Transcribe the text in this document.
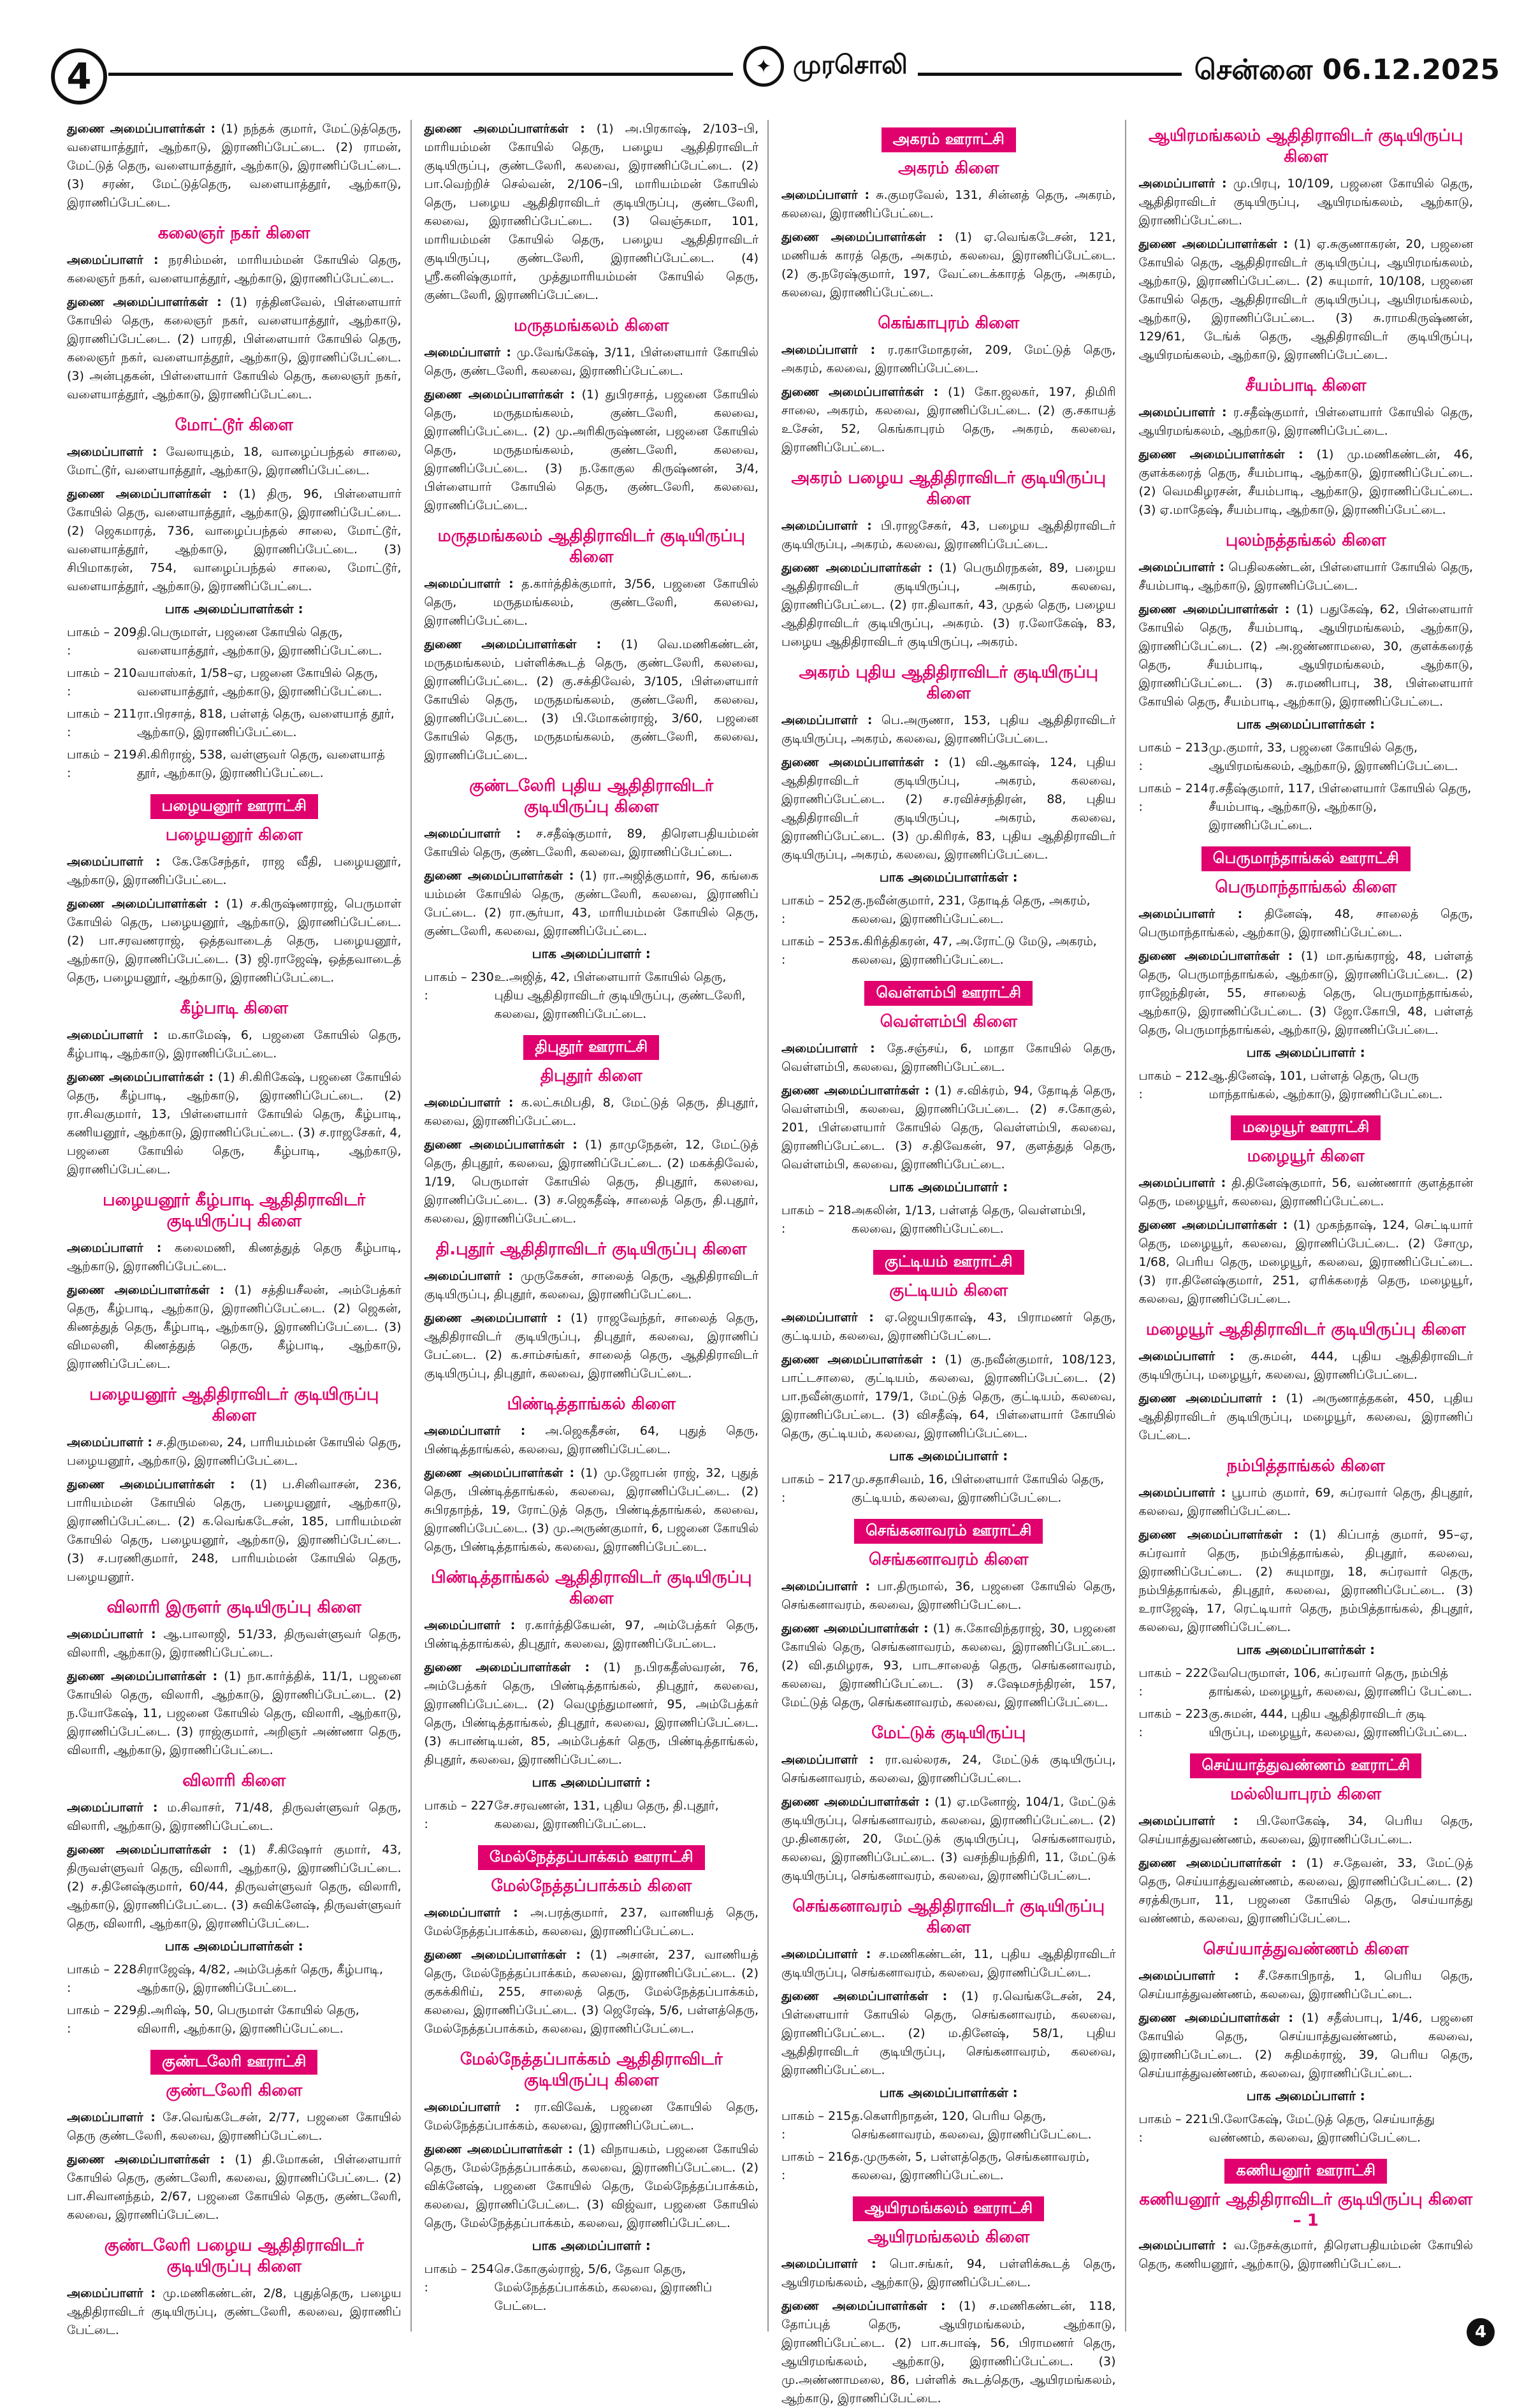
4	✦ முரசொலி	சென்னை 06.12.2025
துணை அமைப்பாளர்கள் : (1) நந்தக் குமார், மேட்டுத்தெரு, வளையாத்தூர், ஆற்காடு, இராணிப்பேட்டை. (2) ராமன், மேட்டுத் தெரு, வளையாத்தூர், ஆற்காடு, இராணிப்பேட்டை. (3) சரண், மேட்டுத்தெரு, வளையாத்தூர், ஆற்காடு, இராணிப்பேட்டை.
கலைஞர் நகர் கிளை
அமைப்பாளர் : நரசிம்மன், மாரியம்மன் கோயில் தெரு, கலைஞர் நகர், வளையாத்தூர், ஆற்காடு, இராணிப்பேட்டை.
துணை அமைப்பாளர்கள் : (1) ரத்தினவேல், பிள்ளையார் கோயில் தெரு, கலைஞர் நகர், வளையாத்தூர், ஆற்காடு, இராணிப்பேட்டை. (2) பாரதி, பிள்ளையார் கோயில் தெரு, கலைஞர் நகர், வளையாத்தூர், ஆற்காடு, இராணிப்பேட்டை. (3) அன்புதகன், பிள்ளையார் கோயில் தெரு, கலைஞர் நகர், வளையாத்தூர், ஆற்காடு, இராணிப்பேட்டை.
மோட்டூர் கிளை
அமைப்பாளர் : வேலாயுதம், 18, வாழைப்பந்தல் சாலை, மோட்டூர், வளையாத்தூர், ஆற்காடு, இராணிப்பேட்டை.
துணை அமைப்பாளர்கள் : (1) திரு, 96, பிள்ளையார் கோயில் தெரு, வளையாத்தூர், ஆற்காடு, இராணிப்பேட்டை. (2) ஜெகமாரத், 736, வாழைப்பந்தல் சாலை, மோட்டூர், வளையாத்தூர், ஆற்காடு, இராணிப்பேட்டை. (3) சிபிமாகரன், 754, வாழைப்பந்தல் சாலை, மோட்டூர், வளையாத்தூர், ஆற்காடு, இராணிப்பேட்டை.
பாக அமைப்பாளர்கள் :
பாகம் – 209 :
தி.பெருமாள், பஜனை கோயில் தெரு, வளையாத்தூர், ஆற்காடு, இராணிப்பேட்டை.
பாகம் – 210 :
வயாஸ்கர், 1/58–ஏ, பஜனை கோயில் தெரு, வளையாத்தூர், ஆற்காடு, இராணிப்பேட்டை.
பாகம் – 211 :
ரா.பிரசாத், 818, பள்ளத் தெரு, வளையாத் தூர், ஆற்காடு, இராணிப்பேட்டை.
பாகம் – 219 :
சி.கிரிராஜ், 538, வள்ளுவர் தெரு, வளையாத் தூர், ஆற்காடு, இராணிப்பேட்டை.
பழையனூர் ஊராட்சி
பழையனூர் கிளை
அமைப்பாளர் : கே.கேசேந்தர், ராஜ வீதி, பழையனூர், ஆற்காடு, இராணிப்பேட்டை.
துணை அமைப்பாளர்கள் : (1) ச.கிருஷ்ணராஜ், பெருமாள் கோயில் தெரு, பழையனூர், ஆற்காடு, இராணிப்பேட்டை. (2) பா.சரவணராஜ், ஒத்தவாடைத் தெரு, பழையனூர், ஆற்காடு, இராணிப்பேட்டை. (3) ஜி.ராஜேஷ், ஒத்தவாடைத் தெரு, பழையனூர், ஆற்காடு, இராணிப்பேட்டை.
கீழ்பாடி கிளை
அமைப்பாளர் : ம.காமேஷ், 6, பஜனை கோயில் தெரு, கீழ்பாடி, ஆற்காடு, இராணிப்பேட்டை.
துணை அமைப்பாளர்கள் : (1) சி.கிரிகேஷ், பஜனை கோயில் தெரு, கீழ்பாடி, ஆற்காடு, இராணிப்பேட்டை. (2) ரா.சிவகுமார், 13, பிள்ளையார் கோயில் தெரு, கீழ்பாடி, கணியனூர், ஆற்காடு, இராணிப்பேட்டை. (3) ச.ராஜசேகர், 4, பஜனை கோயில் தெரு, கீழ்பாடி, ஆற்காடு, இராணிப்பேட்டை.
பழையனூர் கீழ்பாடி ஆதிதிராவிடர் குடியிருப்பு கிளை
அமைப்பாளர் : கலைமணி, கிணத்துத் தெரு கீழ்பாடி, ஆற்காடு, இராணிப்பேட்டை.
துணை அமைப்பாளர்கள் : (1) சத்தியசீலன், அம்பேத்கர் தெரு, கீழ்பாடி, ஆற்காடு, இராணிப்பேட்டை. (2) ஜெகன், கிணத்துத் தெரு, கீழ்பாடி, ஆற்காடு, இராணிப்பேட்டை. (3) விமலனி, கிணத்துத் தெரு, கீழ்பாடி, ஆற்காடு, இராணிப்பேட்டை.
பழையனூர் ஆதிதிராவிடர் குடியிருப்பு கிளை
அமைப்பாளர் : ச.திருமலை, 24, பாரியம்மன் கோயில் தெரு, பழையனூர், ஆற்காடு, இராணிப்பேட்டை.
துணை அமைப்பாளர்கள் : (1) ப.சினிவாசன், 236, பாரியம்மன் கோயில் தெரு, பழையனூர், ஆற்காடு, இராணிப்பேட்டை. (2) க.வெங்கடேசன், 185, பாரியம்மன் கோயில் தெரு, பழையனூர், ஆற்காடு, இராணிப்பேட்டை. (3) ச.பரணிகுமார், 248, பாரியம்மன் கோயில் தெரு, பழையனூர்.
விலாரி இருளர் குடியிருப்பு கிளை
அமைப்பாளர் : ஆ.பாலாஜி, 51/33, திருவள்ளுவர் தெரு, விலாரி, ஆற்காடு, இராணிப்பேட்டை.
துணை அமைப்பாளர்கள் : (1) நா.கார்த்திக், 11/1, பஜனை கோயில் தெரு, விலாரி, ஆற்காடு, இராணிப்பேட்டை. (2) ந.யோகேஷ், 11, பஜனை கோயில் தெரு, விலாரி, ஆற்காடு, இராணிப்பேட்டை. (3) ராஜ்குமார், அறிஞர் அண்ணா தெரு, விலாரி, ஆற்காடு, இராணிப்பேட்டை.
விலாரி கிளை
அமைப்பாளர் : ம.சிவாசர், 71/48, திருவள்ளுவர் தெரு, விலாரி, ஆற்காடு, இராணிப்பேட்டை.
துணை அமைப்பாளர்கள் : (1) சீ.கிஷோர் குமார், 43, திருவள்ளுவர் தெரு, விலாரி, ஆற்காடு, இராணிப்பேட்டை. (2) ச.தினேஷ்குமார், 60/44, திருவள்ளுவர் தெரு, விலாரி, ஆற்காடு, இராணிப்பேட்டை. (3) சுவிக்னேஷ், திருவள்ளுவர் தெரு, விலாரி, ஆற்காடு, இராணிப்பேட்டை.
பாக அமைப்பாளர்கள் :
பாகம் – 228 :
சிராஜேஷ், 4/82, அம்பேத்கர் தெரு, கீழ்பாடி, ஆற்காடு, இராணிப்பேட்டை.
பாகம் – 229 :
தி.அரிஷ், 50, பெருமாள் கோயில் தெரு, விலாரி, ஆற்காடு, இராணிப்பேட்டை.
குண்டலேரி ஊராட்சி
குண்டலேரி கிளை
அமைப்பாளர் : சே.வெங்கடேசன், 2/77, பஜனை கோயில் தெரு குண்டலேரி, கலவை, இராணிப்பேட்டை.
துணை அமைப்பாளர்கள் : (1) தி.மோகன், பிள்ளையார் கோயில் தெரு, குண்டலேரி, கலவை, இராணிப்பேட்டை. (2) பா.சிவானந்தம், 2/67, பஜனை கோயில் தெரு, குண்டலேரி, கலவை, இராணிப்பேட்டை.
குண்டலேரி பழைய ஆதிதிராவிடர் குடியிருப்பு கிளை
அமைப்பாளர் : மு.மணிகண்டன், 2/8, புதுத்தெரு, பழைய ஆதிதிராவிடர் குடியிருப்பு, குண்டலேரி, கலவை, இராணிப் பேட்டை.
துணை அமைப்பாளர்கள் : (1) அ.பிரகாஷ், 2/103–பி, மாரியம்மன் கோயில் தெரு, பழைய ஆதிதிராவிடர் குடியிருப்பு, குண்டலேரி, கலவை, இராணிப்பேட்டை. (2) பா.வெற்றிச் செல்வன், 2/106–பி, மாரியம்மன் கோயில் தெரு, பழைய ஆதிதிராவிடர் குடியிருப்பு, குண்டலேரி, கலவை, இராணிப்பேட்டை. (3) வெஞ்சுமா, 101, மாரியம்மன் கோயில் தெரு, பழைய ஆதிதிராவிடர் குடியிருப்பு, குண்டலேரி, இராணிப்பேட்டை. (4) ஸ்ரீ.கனிஷ்குமார், முத்துமாரியம்மன் கோயில் தெரு, குண்டலேரி, இராணிப்பேட்டை.
மருதமங்கலம் கிளை
அமைப்பாளர் : மு.வேங்கேஷ், 3/11, பிள்ளையார் கோயில் தெரு, குண்டலேரி, கலவை, இராணிப்பேட்டை.
துணை அமைப்பாளர்கள் : (1) துபிரசாத், பஜனை கோயில் தெரு, மருதமங்கலம், குண்டலேரி, கலவை, இராணிப்பேட்டை. (2) மு.அரிகிருஷ்ணன், பஜனை கோயில் தெரு, மருதமங்கலம், குண்டலேரி, கலவை, இராணிப்பேட்டை. (3) ந.கோகுல கிருஷ்ணன், 3/4, பிள்ளையார் கோயில் தெரு, குண்டலேரி, கலவை, இராணிப்பேட்டை.
மருதமங்கலம் ஆதிதிராவிடர் குடியிருப்பு கிளை
அமைப்பாளர் : த.கார்த்திக்குமார், 3/56, பஜனை கோயில் தெரு, மருதமங்கலம், குண்டலேரி, கலவை, இராணிப்பேட்டை.
துணை அமைப்பாளர்கள் : (1) வெ.மணிகண்டன், மருதமங்கலம், பள்ளிக்கூடத் தெரு, குண்டலேரி, கலவை, இராணிப்பேட்டை. (2) கு.சக்திவேல், 3/105, பிள்ளையார் கோயில் தெரு, மருதமங்கலம், குண்டலேரி, கலவை, இராணிப்பேட்டை. (3) பி.மோகன்ராஜ், 3/60, பஜனை கோயில் தெரு, மருதமங்கலம், குண்டலேரி, கலவை, இராணிப்பேட்டை.
குண்டலேரி புதிய ஆதிதிராவிடர் குடியிருப்பு கிளை
அமைப்பாளர் : ச.சதீஷ்குமார், 89, திரௌபதியம்மன் கோயில் தெரு, குண்டலேரி, கலவை, இராணிப்பேட்டை.
துணை அமைப்பாளர்கள் : (1) ரா.அஜித்குமார், 96, கங்கை யம்மன் கோயில் தெரு, குண்டலேரி, கலவை, இராணிப் பேட்டை. (2) ரா.சூர்யா, 43, மாரியம்மன் கோயில் தெரு, குண்டலேரி, கலவை, இராணிப்பேட்டை.
பாக அமைப்பாளர் :
பாகம் – 230 :
உ.அஜித், 42, பிள்ளையார் கோயில் தெரு, புதிய ஆதிதிராவிடர் குடியிருப்பு, குண்டலேரி, கலவை, இராணிப்பேட்டை.
திபுதூர் ஊராட்சி
திபுதூர் கிளை
அமைப்பாளர் : க.லட்சுமிபதி, 8, மேட்டுத் தெரு, திபுதூர், கலவை, இராணிப்பேட்டை.
துணை அமைப்பாளர்கள் : (1) தாமுநேதன், 12, மேட்டுத் தெரு, திபுதூர், கலவை, இராணிப்பேட்டை. (2) மகக்திவேல், 1/19, பெருமாள் கோயில் தெரு, திபுதூர், கலவை, இராணிப்பேட்டை. (3) ச.ஜெகதீஷ், சாலைத் தெரு, தி.புதூர், கலவை, இராணிப்பேட்டை.
தி.புதூர் ஆதிதிராவிடர் குடியிருப்பு கிளை
அமைப்பாளர் : முருகேசன், சாலைத் தெரு, ஆதிதிராவிடர் குடியிருப்பு, திபுதூர், கலவை, இராணிப்பேட்டை.
துணை அமைப்பாளர் : (1) ராஜவேந்தர், சாலைத் தெரு, ஆதிதிராவிடர் குடியிருப்பு, திபுதூர், கலவை, இராணிப் பேட்டை. (2) க.சாம்சங்கர், சாலைத் தெரு, ஆதிதிராவிடர் குடியிருப்பு, திபுதூர், கலவை, இராணிப்பேட்டை.
பிண்டித்தாங்கல் கிளை
அமைப்பாளர் : அ.ஜெகதீசன், 64, புதுத் தெரு, பிண்டித்தாங்கல், கலவை, இராணிப்பேட்டை.
துணை அமைப்பாளர்கள் : (1) மு.ஜோபன் ராஜ், 32, புதுத் தெரு, பிண்டித்தாங்கல், கலவை, இராணிப்பேட்டை. (2) சுபிரதாந்த், 19, ரோட்டுத் தெரு, பிண்டித்தாங்கல், கலவை, இராணிப்பேட்டை. (3) மு.அருண்குமார், 6, பஜனை கோயில் தெரு, பிண்டித்தாங்கல், கலவை, இராணிப்பேட்டை.
பிண்டித்தாங்கல் ஆதிதிராவிடர் குடியிருப்பு கிளை
அமைப்பாளர் : ர.கார்த்திகேயன், 97, அம்பேத்கர் தெரு, பிண்டித்தாங்கல், திபுதூர், கலவை, இராணிப்பேட்டை.
துணை அமைப்பாளர்கள் : (1) ந.பிரகதீஸ்வரன், 76, அம்பேத்கர் தெரு, பிண்டித்தாங்கல், திபுதூர், கலவை, இராணிப்பேட்டை. (2) வெழுந்துமாணர், 95, அம்பேத்கர் தெரு, பிண்டித்தாங்கல், திபுதூர், கலவை, இராணிப்பேட்டை. (3) சுபாண்டியன், 85, அம்பேத்கர் தெரு, பிண்டித்தாங்கல், திபுதூர், கலவை, இராணிப்பேட்டை.
பாக அமைப்பாளர் :
பாகம் – 227 :
சே.சரவணன், 131, புதிய தெரு, தி.புதூர், கலவை, இராணிப்பேட்டை.
மேல்நேத்தப்பாக்கம் ஊராட்சி
மேல்நேத்தப்பாக்கம் கிளை
அமைப்பாளர் : அ.பரத்குமார், 237, வாணியத் தெரு, மேல்நேத்தப்பாக்கம், கலவை, இராணிப்பேட்டை.
துணை அமைப்பாளர்கள் : (1) அசான், 237, வாணியத் தெரு, மேல்நேத்தப்பாக்கம், கலவை, இராணிப்பேட்டை. (2) குகக்கிரிய், 255, சாலைத் தெரு, மேல்நேத்தப்பாக்கம், கலவை, இராணிப்பேட்டை. (3) ஜெரேஷ், 5/6, பள்ளத்தெரு, மேல்நேத்தப்பாக்கம், கலவை, இராணிப்பேட்டை.
மேல்நேத்தப்பாக்கம் ஆதிதிராவிடர் குடியிருப்பு கிளை
அமைப்பாளர் : ரா.விவேக், பஜனை கோயில் தெரு, மேல்நேத்தப்பாக்கம், கலவை, இராணிப்பேட்டை.
துணை அமைப்பாளர்கள் : (1) விநாயகம், பஜனை கோயில் தெரு, மேல்நேத்தப்பாக்கம், கலவை, இராணிப்பேட்டை. (2) விக்னேஷ், பஜனை கோயில் தெரு, மேல்நேத்தப்பாக்கம், கலவை, இராணிப்பேட்டை. (3) விஜ்வா, பஜனை கோயில் தெரு, மேல்நேத்தப்பாக்கம், கலவை, இராணிப்பேட்டை.
பாக அமைப்பாளர் :
பாகம் – 254 :
செ.கோகுல்ராஜ், 5/6, தேவா தெரு, மேல்நேத்தப்பாக்கம், கலவை, இராணிப் பேட்டை.
அகரம் ஊராட்சி
அகரம் கிளை
அமைப்பாளர் : சு.குமரவேல், 131, சின்னத் தெரு, அகரம், கலவை, இராணிப்பேட்டை.
துணை அமைப்பாளர்கள் : (1) ஏ.வெங்கடேசன், 121, மணியக் காரத் தெரு, அகரம், கலவை, இராணிப்பேட்டை. (2) கு.நரேஷ்குமார், 197, வேட்டைக்காரத் தெரு, அகரம், கலவை, இராணிப்பேட்டை.
கெங்காபுரம் கிளை
அமைப்பாளர் : ர.ரகாமோதரன், 209, மேட்டுத் தெரு, அகரம், கலவை, இராணிப்பேட்டை.
துணை அமைப்பாளர்கள் : (1) கோ.ஜலகர், 197, திமிரி சாலை, அகரம், கலவை, இராணிப்பேட்டை. (2) கு.சகாயத் உசேன், 52, கெங்காபுரம் தெரு, அகரம், கலவை, இராணிப்பேட்டை.
அகரம் பழைய ஆதிதிராவிடர் குடியிருப்பு கிளை
அமைப்பாளர் : பி.ராஜசேகர், 43, பழைய ஆதிதிராவிடர் குடியிருப்பு, அகரம், கலவை, இராணிப்பேட்டை.
துணை அமைப்பாளர்கள் : (1) பெருமிரநகன், 89, பழைய ஆதிதிராவிடர் குடியிருப்பு, அகரம், கலவை, இராணிப்பேட்டை. (2) ரா.திவாகர், 43, முதல் தெரு, பழைய ஆதிதிராவிடர் குடியிருப்பு, அகரம். (3) ர.லோகேஷ், 83, பழைய ஆதிதிராவிடர் குடியிருப்பு, அகரம்.
அகரம் புதிய ஆதிதிராவிடர் குடியிருப்பு கிளை
அமைப்பாளர் : பெ.அருணா, 153, புதிய ஆதிதிராவிடர் குடியிருப்பு, அகரம், கலவை, இராணிப்பேட்டை.
துணை அமைப்பாளர்கள் : (1) வி.ஆகாஷ், 124, புதிய ஆதிதிராவிடர் குடியிருப்பு, அகரம், கலவை, இராணிப்பேட்டை. (2) ச.ரவிச்சந்திரன், 88, புதிய ஆதிதிராவிடர் குடியிருப்பு, அகரம், கலவை, இராணிப்பேட்டை. (3) மு.கிரிரக், 83, புதிய ஆதிதிராவிடர் குடியிருப்பு, அகரம், கலவை, இராணிப்பேட்டை.
பாக அமைப்பாளர்கள் :
பாகம் – 252 :
கு.நவீன்குமார், 231, தோடித் தெரு, அகரம், கலவை, இராணிப்பேட்டை.
பாகம் – 253 :
க.கிரித்திகரன், 47, அ.ரோட்டு மேடு, அகரம், கலவை, இராணிப்பேட்டை.
வெள்ளம்பி ஊராட்சி
வெள்ளம்பி கிளை
அமைப்பாளர் : தே.சஞ்சய், 6, மாதா கோயில் தெரு, வெள்ளம்பி, கலவை, இராணிப்பேட்டை.
துணை அமைப்பாளர்கள் : (1) ச.விக்ரம், 94, தோடித் தெரு, வெள்ளம்பி, கலவை, இராணிப்பேட்டை. (2) ச.கோகுல், 201, பிள்ளையார் கோயில் தெரு, வெள்ளம்பி, கலவை, இராணிப்பேட்டை. (3) ச.திவேகன், 97, குளத்துத் தெரு, வெள்ளம்பி, கலவை, இராணிப்பேட்டை.
பாக அமைப்பாளர் :
பாகம் – 218 :
அகலின், 1/13, பள்ளத் தெரு, வெள்ளம்பி, கலவை, இராணிப்பேட்டை.
குட்டியம் ஊராட்சி
குட்டியம் கிளை
அமைப்பாளர் : ஏ.ஜெயபிரகாஷ், 43, பிராமணர் தெரு, குட்டியம், கலவை, இராணிப்பேட்டை.
துணை அமைப்பாளர்கள் : (1) கு.நவீன்குமார், 108/123, பாட்டசாலை, குட்டியம், கலவை, இராணிப்பேட்டை. (2) பா.நவீன்குமார், 179/1, மேட்டுத் தெரு, குட்டியம், கலவை, இராணிப்பேட்டை. (3) விசதீஷ், 64, பிள்ளையார் கோயில் தெரு, குட்டியம், கலவை, இராணிப்பேட்டை.
பாக அமைப்பாளர் :
பாகம் – 217 :
மு.சதாசிவம், 16, பிள்ளையார் கோயில் தெரு, குட்டியம், கலவை, இராணிப்பேட்டை.
செங்கனாவரம் ஊராட்சி
செங்கனாவரம் கிளை
அமைப்பாளர் : பா.திருமால், 36, பஜனை கோயில் தெரு, செங்கனாவரம், கலவை, இராணிப்பேட்டை.
துணை அமைப்பாளர்கள் : (1) சு.கோவிந்தராஜ், 30, பஜனை கோயில் தெரு, செங்கனாவரம், கலவை, இராணிப்பேட்டை. (2) வி.தமிழரசு, 93, பாடசாலைத் தெரு, செங்கனாவரம், கலவை, இராணிப்பேட்டை. (3) ச.ஷேமசந்திரன், 157, மேட்டுத் தெரு, செங்கனாவரம், கலவை, இராணிப்பேட்டை.
மேட்டுக் குடியிருப்பு
அமைப்பாளர் : ரா.வல்லரசு, 24, மேட்டுக் குடியிருப்பு, செங்கனாவரம், கலவை, இராணிப்பேட்டை.
துணை அமைப்பாளர்கள் : (1) ஏ.மனோஜ், 104/1, மேட்டுக் குடியிருப்பு, செங்கனாவரம், கலவை, இராணிப்பேட்டை. (2) மு.தினகரன், 20, மேட்டுக் குடியிருப்பு, செங்கனாவரம், கலவை, இராணிப்பேட்டை. (3) வசந்தியந்திரி, 11, மேட்டுக் குடியிருப்பு, செங்கனாவரம், கலவை, இராணிப்பேட்டை.
செங்கனாவரம் ஆதிதிராவிடர் குடியிருப்பு கிளை
அமைப்பாளர் : ச.மணிகண்டன், 11, புதிய ஆதிதிராவிடர் குடியிருப்பு, செங்கனாவரம், கலவை, இராணிப்பேட்டை.
துணை அமைப்பாளர்கள் : (1) ர.வெங்கடேசன், 24, பிள்ளையார் கோயில் தெரு, செங்கனாவரம், கலவை, இராணிப்பேட்டை. (2) ம.தினேஷ், 58/1, புதிய ஆதிதிராவிடர் குடியிருப்பு, செங்கனாவரம், கலவை, இராணிப்பேட்டை.
பாக அமைப்பாளர்கள் :
பாகம் – 215 :
த.கௌரிநாதன், 120, பெரிய தெரு, செங்கனாவரம், கலவை, இராணிப்பேட்டை.
பாகம் – 216 :
த.முருகன், 5, பள்ளத்தெரு, செங்கனாவரம், கலவை, இராணிப்பேட்டை.
ஆயிரமங்கலம் ஊராட்சி
ஆயிரமங்கலம் கிளை
அமைப்பாளர் : பொ.சங்கர், 94, பள்ளிக்கூடத் தெரு, ஆயிரமங்கலம், ஆற்காடு, இராணிப்பேட்டை.
துணை அமைப்பாளர்கள் : (1) ச.மணிகண்டன், 118, தோப்புத் தெரு, ஆயிரமங்கலம், ஆற்காடு, இராணிப்பேட்டை. (2) பா.சுபாஷ், 56, பிராமணர் தெரு, ஆயிரமங்கலம், ஆற்காடு, இராணிப்பேட்டை. (3) மு.அண்ணாமலை, 86, பள்ளிக் கூடத்தெரு, ஆயிரமங்கலம், ஆற்காடு, இராணிப்பேட்டை.
ஆயிரமங்கலம் ஆதிதிராவிடர் குடியிருப்பு கிளை
அமைப்பாளர் : மு.பிரபு, 10/109, பஜனை கோயில் தெரு, ஆதிதிராவிடர் குடியிருப்பு, ஆயிரமங்கலம், ஆற்காடு, இராணிப்பேட்டை.
துணை அமைப்பாளர்கள் : (1) ஏ.சுகுணாகரன், 20, பஜனை கோயில் தெரு, ஆதிதிராவிடர் குடியிருப்பு, ஆயிரமங்கலம், ஆற்காடு, இராணிப்பேட்டை. (2) சுயுமார், 10/108, பஜனை கோயில் தெரு, ஆதிதிராவிடர் குடியிருப்பு, ஆயிரமங்கலம், ஆற்காடு, இராணிப்பேட்டை. (3) சு.ராமகிருஷ்ணன், 129/61, டேங்க் தெரு, ஆதிதிராவிடர் குடியிருப்பு, ஆயிரமங்கலம், ஆற்காடு, இராணிப்பேட்டை.
சீயம்பாடி கிளை
அமைப்பாளர் : ர.சதீஷ்குமார், பிள்ளையார் கோயில் தெரு, ஆயிரமங்கலம், ஆற்காடு, இராணிப்பேட்டை.
துணை அமைப்பாளர்கள் : (1) மு.மணிகண்டன், 46, குளக்கரைத் தெரு, சீயம்பாடி, ஆற்காடு, இராணிப்பேட்டை. (2) வெமகிழரசன், சீயம்பாடி, ஆற்காடு, இராணிப்பேட்டை. (3) ஏ.மாதேஷ், சீயம்பாடி, ஆற்காடு, இராணிப்பேட்டை.
புலம்நத்தங்கல் கிளை
அமைப்பாளர் : பெதிலகண்டன், பிள்ளையார் கோயில் தெரு, சீயம்பாடி, ஆற்காடு, இராணிப்பேட்டை.
துணை அமைப்பாளர்கள் : (1) பதுகேஷ், 62, பிள்ளையார் கோயில் தெரு, சீயம்பாடி, ஆயிரமங்கலம், ஆற்காடு, இராணிப்பேட்டை. (2) அ.ஜண்ணாமலை, 30, குளக்கரைத் தெரு, சீயம்பாடி, ஆயிரமங்கலம், ஆற்காடு, இராணிப்பேட்டை. (3) சு.ரமணிபாபு, 38, பிள்ளையார் கோயில் தெரு, சீயம்பாடி, ஆற்காடு, இராணிப்பேட்டை.
பாக அமைப்பாளர்கள் :
பாகம் – 213 :
மு.குமார், 33, பஜனை கோயில் தெரு, ஆயிரமங்கலம், ஆற்காடு, இராணிப்பேட்டை.
பாகம் – 214 :
ர.சதீஷ்குமார், 117, பிள்ளையார் கோயில் தெரு, சீயம்பாடி, ஆற்காடு, ஆற்காடு, இராணிப்பேட்டை.
பெருமாந்தாங்கல் ஊராட்சி
பெருமாந்தாங்கல் கிளை
அமைப்பாளர் : தினேஷ், 48, சாலைத் தெரு, பெருமாந்தாங்கல், ஆற்காடு, இராணிப்பேட்டை.
துணை அமைப்பாளர்கள் : (1) மா.தங்கராஜ், 48, பள்ளத் தெரு, பெருமாந்தாங்கல், ஆற்காடு, இராணிப்பேட்டை. (2) ராஜேந்திரன், 55, சாலைத் தெரு, பெருமாந்தாங்கல், ஆற்காடு, இராணிப்பேட்டை. (3) ஜோ.கோபி, 48, பள்ளத் தெரு, பெருமாந்தாங்கல், ஆற்காடு, இராணிப்பேட்டை.
பாக அமைப்பாளர் :
பாகம் – 212 :
ஆ.தினேஷ், 101, பள்ளத் தெரு, பெரு மாந்தாங்கல், ஆற்காடு, இராணிப்பேட்டை.
மழையூர் ஊராட்சி
மழையூர் கிளை
அமைப்பாளர் : தி.தினேஷ்குமார், 56, வண்ணார் குளத்தான் தெரு, மழையூர், கலவை, இராணிப்பேட்டை.
துணை அமைப்பாளர்கள் : (1) முகந்தாஷ், 124, செட்டியார் தெரு, மழையூர், கலவை, இராணிப்பேட்டை. (2) சோமு, 1/68, பெரிய தெரு, மழையூர், கலவை, இராணிப்பேட்டை. (3) ரா.தினேஷ்குமார், 251, ஏரிக்கரைத் தெரு, மழையூர், கலவை, இராணிப்பேட்டை.
மழையூர் ஆதிதிராவிடர் குடியிருப்பு கிளை
அமைப்பாளர் : கு.சுமன், 444, புதிய ஆதிதிராவிடர் குடியிருப்பு, மழையூர், கலவை, இராணிப்பேட்டை.
துணை அமைப்பாளர் : (1) அருணாத்தகன், 450, புதிய ஆதிதிராவிடர் குடியிருப்பு, மழையூர், கலவை, இராணிப் பேட்டை.
நம்பித்தாங்கல் கிளை
அமைப்பாளர் : பூபாம் குமார், 69, சுப்ரவார் தெரு, திபுதூர், கலவை, இராணிப்பேட்டை.
துணை அமைப்பாளர்கள் : (1) கிப்பாத் குமார், 95–ஏ, சுப்ரவார் தெரு, நம்பித்தாங்கல், திபுதூர், கலவை, இராணிப்பேட்டை. (2) சுயுமாறு, 18, சுப்ரவார் தெரு, நம்பித்தாங்கல், திபுதூர், கலவை, இராணிப்பேட்டை. (3) உராஜேஷ், 17, ரெட்டியார் தெரு, நம்பித்தாங்கல், திபுதூர், கலவை, இராணிப்பேட்டை.
பாக அமைப்பாளர்கள் :
பாகம் – 222 :
வேபெருமாள், 106, சுப்ரவார் தெரு, நம்பித் தாங்கல், மழையூர், கலவை, இராணிப் பேட்டை.
பாகம் – 223 :
கு.சுமன், 444, புதிய ஆதிதிராவிடர் குடி யிருப்பு, மழையூர், கலவை, இராணிப்பேட்டை.
செய்யாத்துவண்ணம் ஊராட்சி
மல்லியாபுரம் கிளை
அமைப்பாளர் : பி.லோகேஷ், 34, பெரிய தெரு, செய்யாத்துவண்ணம், கலவை, இராணிப்பேட்டை.
துணை அமைப்பாளர்கள் : (1) ச.தேவன், 33, மேட்டுத் தெரு, செய்யாத்துவண்ணம், கலவை, இராணிப்பேட்டை. (2) சரத்கிருபா, 11, பஜனை கோயில் தெரு, செய்யாத்து வண்ணம், கலவை, இராணிப்பேட்டை.
செய்யாத்துவண்ணம் கிளை
அமைப்பாளர் : சீ.சேகாபிநாத், 1, பெரிய தெரு, செய்யாத்துவண்ணம், கலவை, இராணிப்பேட்டை.
துணை அமைப்பாளர்கள் : (1) சதீஸ்பாபு, 1/46, பஜனை கோயில் தெரு, செய்யாத்துவண்ணம், கலவை, இராணிப்பேட்டை. (2) சுதிமக்ராஜ், 39, பெரிய தெரு, செய்யாத்துவண்ணம், கலவை, இராணிப்பேட்டை.
பாக அமைப்பாளர் :
பாகம் – 221 :
பி.லோகேஷ், மேட்டுத் தெரு, செய்யாத்து வண்ணம், கலவை, இராணிப்பேட்டை.
கணியனூர் ஊராட்சி
கணியனூர் ஆதிதிராவிடர் குடியிருப்பு கிளை – 1
அமைப்பாளர் : வ.நேசக்குமார், திரௌபதியம்மன் கோயில் தெரு, கணியனூர், ஆற்காடு, இராணிப்பேட்டை.
4
